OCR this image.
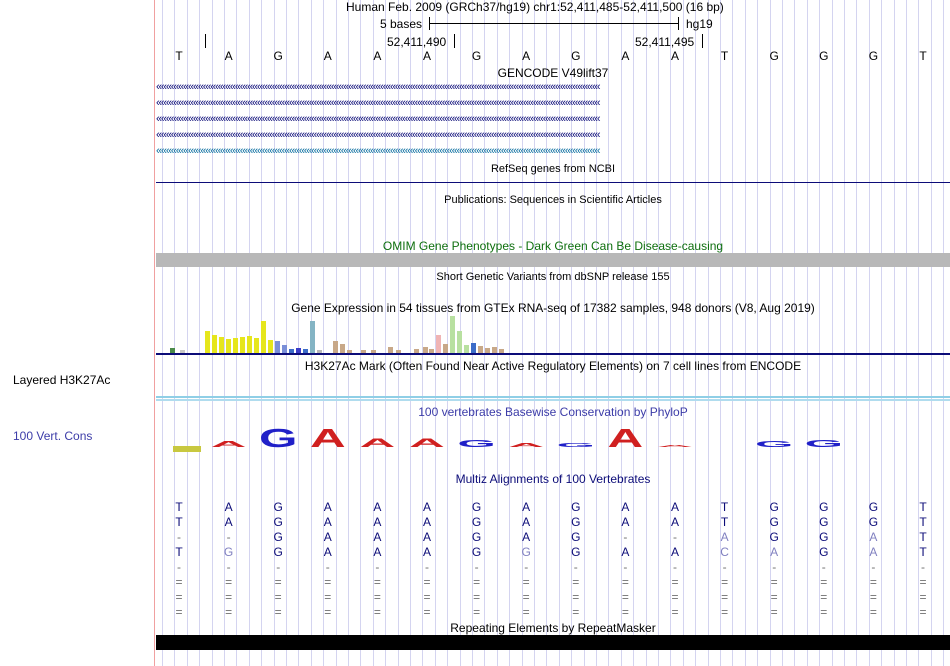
Layered H3K27Ac
100 Vert. Cons
Human Feb. 2009 (GRCh37/hg19) chr1:52,411,485-52,411,500 (16 bp)
5 bases	hg19
52,411,490	52,411,495
T	A	G	A	A	A	G	A	G	A	A	T	G	G	G	T
GENCODE V49lift37
‹‹‹‹‹‹‹‹‹‹‹‹‹‹‹‹‹‹‹‹‹‹‹‹‹‹‹‹‹‹‹‹‹‹‹‹‹‹‹‹‹‹‹‹‹‹‹‹‹‹‹‹‹‹‹‹‹‹‹‹‹‹‹‹‹‹‹‹‹‹‹‹‹‹‹‹‹‹‹‹‹‹‹‹‹‹‹‹‹‹‹‹‹‹‹‹‹‹‹‹‹‹‹‹‹‹‹‹‹‹‹‹‹‹‹‹‹‹‹‹‹‹‹‹‹‹‹‹‹‹‹‹‹‹‹‹‹‹‹‹‹‹‹‹‹‹‹‹‹‹‹‹‹‹‹‹‹‹‹‹‹‹‹‹‹‹‹‹‹‹‹‹‹‹‹‹‹‹‹‹
‹‹‹‹‹‹‹‹‹‹‹‹‹‹‹‹‹‹‹‹‹‹‹‹‹‹‹‹‹‹‹‹‹‹‹‹‹‹‹‹‹‹‹‹‹‹‹‹‹‹‹‹‹‹‹‹‹‹‹‹‹‹‹‹‹‹‹‹‹‹‹‹‹‹‹‹‹‹‹‹‹‹‹‹‹‹‹‹‹‹‹‹‹‹‹‹‹‹‹‹‹‹‹‹‹‹‹‹‹‹‹‹‹‹‹‹‹‹‹‹‹‹‹‹‹‹‹‹‹‹‹‹‹‹‹‹‹‹‹‹‹‹‹‹‹‹‹‹‹‹‹‹‹‹‹‹‹‹‹‹‹‹‹‹‹‹‹‹‹‹‹‹‹‹‹‹‹‹‹‹
‹‹‹‹‹‹‹‹‹‹‹‹‹‹‹‹‹‹‹‹‹‹‹‹‹‹‹‹‹‹‹‹‹‹‹‹‹‹‹‹‹‹‹‹‹‹‹‹‹‹‹‹‹‹‹‹‹‹‹‹‹‹‹‹‹‹‹‹‹‹‹‹‹‹‹‹‹‹‹‹‹‹‹‹‹‹‹‹‹‹‹‹‹‹‹‹‹‹‹‹‹‹‹‹‹‹‹‹‹‹‹‹‹‹‹‹‹‹‹‹‹‹‹‹‹‹‹‹‹‹‹‹‹‹‹‹‹‹‹‹‹‹‹‹‹‹‹‹‹‹‹‹‹‹‹‹‹‹‹‹‹‹‹‹‹‹‹‹‹‹‹‹‹‹‹‹‹‹‹‹
‹‹‹‹‹‹‹‹‹‹‹‹‹‹‹‹‹‹‹‹‹‹‹‹‹‹‹‹‹‹‹‹‹‹‹‹‹‹‹‹‹‹‹‹‹‹‹‹‹‹‹‹‹‹‹‹‹‹‹‹‹‹‹‹‹‹‹‹‹‹‹‹‹‹‹‹‹‹‹‹‹‹‹‹‹‹‹‹‹‹‹‹‹‹‹‹‹‹‹‹‹‹‹‹‹‹‹‹‹‹‹‹‹‹‹‹‹‹‹‹‹‹‹‹‹‹‹‹‹‹‹‹‹‹‹‹‹‹‹‹‹‹‹‹‹‹‹‹‹‹‹‹‹‹‹‹‹‹‹‹‹‹‹‹‹‹‹‹‹‹‹‹‹‹‹‹‹‹‹‹
‹‹‹‹‹‹‹‹‹‹‹‹‹‹‹‹‹‹‹‹‹‹‹‹‹‹‹‹‹‹‹‹‹‹‹‹‹‹‹‹‹‹‹‹‹‹‹‹‹‹‹‹‹‹‹‹‹‹‹‹‹‹‹‹‹‹‹‹‹‹‹‹‹‹‹‹‹‹‹‹‹‹‹‹‹‹‹‹‹‹‹‹‹‹‹‹‹‹‹‹‹‹‹‹‹‹‹‹‹‹‹‹‹‹‹‹‹‹‹‹‹‹‹‹‹‹‹‹‹‹‹‹‹‹‹‹‹‹‹‹‹‹‹‹‹‹‹‹‹‹‹‹‹‹‹‹‹‹‹‹‹‹‹‹‹‹‹‹‹‹‹‹‹‹‹‹‹‹‹‹
RefSeq genes from NCBI
Publications: Sequences in Scientific Articles
OMIM Gene Phenotypes - Dark Green Can Be Disease-causing
Short Genetic Variants from dbSNP release 155
Gene Expression in 54 tissues from GTEx RNA-seq of 17382 samples, 948 donors (V8, Aug 2019)
H3K27Ac Mark (Often Found Near Active Regulatory Elements) on 7 cell lines from ENCODE
100 vertebrates Basewise Conservation by PhyloP
A G A A A G A G A A G G
Multiz Alignments of 100 Vertebrates
T	A	G	A	A	A	G	A	G	A	A	T	G	G	G	T
T	A	G	A	A	A	G	A	G	A	A	T	G	G	G	T
-	-	G	A	A	A	G	A	G	-	-	A	G	G	A	T
T	G	G	A	A	A	G	G	G	A	A	C	A	G	A	T
-	-	-	-	-	-	-	-	-	-	-	-	-	-	-	-
=	=	=	=	=	=	=	=	=	=	=	=	=	=	=	=
=	=	=	=	=	=	=	=	=	=	=	=	=	=	=	=
=	=	=	=	=	=	=	=	=	=	=	=	=	=	=	=
Repeating Elements by RepeatMasker
